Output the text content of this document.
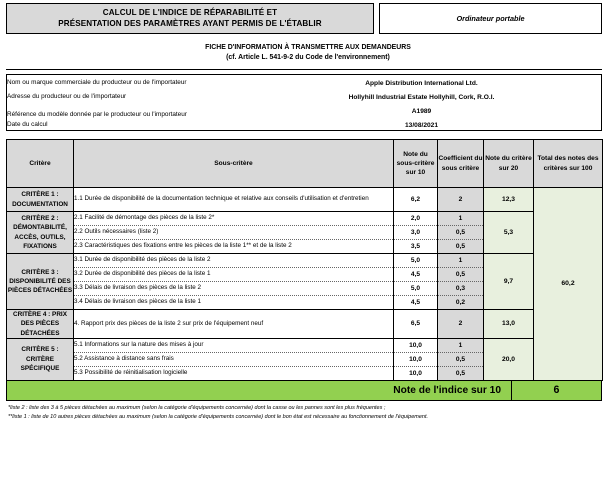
CALCUL DE L'INDICE DE RÉPARABILITÉ ET
PRÉSENTATION DES PARAMÈTRES AYANT PERMIS DE L'ÉTABLIR	Ordinateur portable
FICHE D'INFORMATION À TRANSMETTRE AUX DEMANDEURS
(cf. Article L. 541-9-2 du Code de l'environnement)
Nom ou marque commerciale du producteur ou de l'importateur	Apple Distribution International Ltd.
Adresse du producteur ou de l'importateur	Hollyhill Industrial Estate Hollyhill, Cork, R.O.I.
Référence du modèle donnée par le producteur ou l'importateur	A1989
Date du calcul	13/08/2021
Critère	Sous-critère	Note du sous-critère sur 10	Coefficient du sous critère	Note du critère sur 20	Total des notes des critères sur 100
CRITÈRE 1 : DOCUMENTATION	1.1 Durée de disponibilité de la documentation technique et relative aux conseils d'utilisation et d'entretien	6,2	2	12,3	60,2
CRITÈRE 2 : DÉMONTABILITÉ, ACCÈS, OUTILS, FIXATIONS	2.1 Facilité de démontage des pièces de la liste 2*	2,0	1	5,3	
	2.2 Outils nécessaires (liste 2)	3,0	0,5		
	2.3 Caractéristiques des fixations entre les pièces de la liste 1** et de la liste 2	3,5	0,5		
CRITÈRE 3 : DISPONIBILITÉ DES PIÈCES DÉTACHÉES	3.1 Durée de disponibilité des pièces de la liste 2	5,0	1	9,7	
	3.2 Durée de disponibilité des pièces de la liste 1	4,5	0,5		
	3.3 Délais de livraison des pièces de la liste 2	5,0	0,3		
	3.4 Délais de livraison des pièces de la liste 1	4,5	0,2		
CRITÈRE 4 : PRIX DES PIÈCES DÉTACHÉES	4. Rapport prix des pièces de la liste 2 sur prix de l'équipement neuf	6,5	2	13,0	
CRITÈRE 5 : CRITÈRE SPÉCIFIQUE	5.1 Informations sur la nature des mises à jour	10,0	1	20,0	
	5.2 Assistance à distance sans frais	10,0	0,5		
	5.3 Possibilité de réinitialisation logicielle	10,0	0,5		
Note de l'indice sur 10	6
*liste 2 : liste des 3 à 5 pièces détachées au maximum (selon la catégorie d'équipements concernée) dont la casse ou les pannes sont les plus fréquentes ;
**liste 1 : liste de 10 autres pièces détachées au maximum (selon la catégorie d'équipements concernée) dont le bon état est nécessaire au fonctionnement de l'équipement.
